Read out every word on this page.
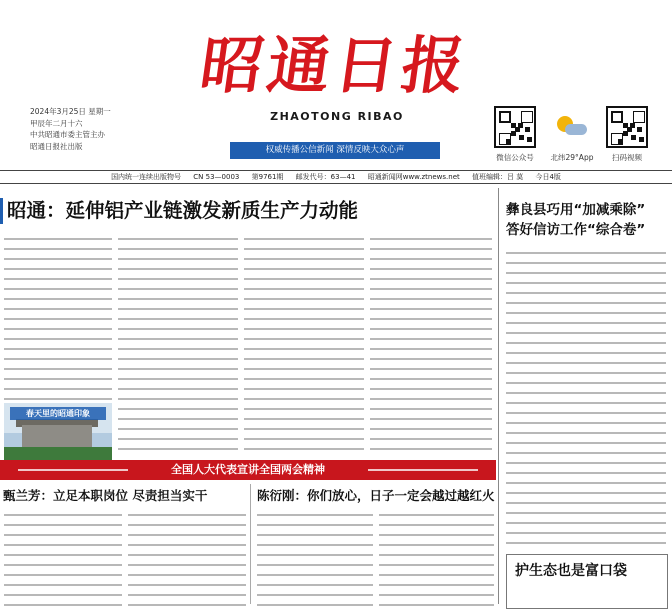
2024年3月25日 星期一
甲辰年二月十六
中共昭通市委主管主办
昭通日报社出版
昭通日报
ZHAOTONG RIBAO
权威传播公信新闻 深情反映大众心声
微信公众号	北纬29°App	扫码视频
国内统一连续出版物号 CN 53—0003 第9761期 邮发代号：63—41 昭通新闻网www.ztnews.net 值班编辑：吕 莫 今日4版
昭通：延伸铝产业链激发新质生产力动能
春天里的昭通印象
彝良县巧用“加减乘除”
答好信访工作“综合卷”
全国人大代表宣讲全国两会精神
甄兰芳：立足本职岗位 尽责担当实干	陈衍刚：你们放心，日子一定会越过越红火
护生态也是富口袋
